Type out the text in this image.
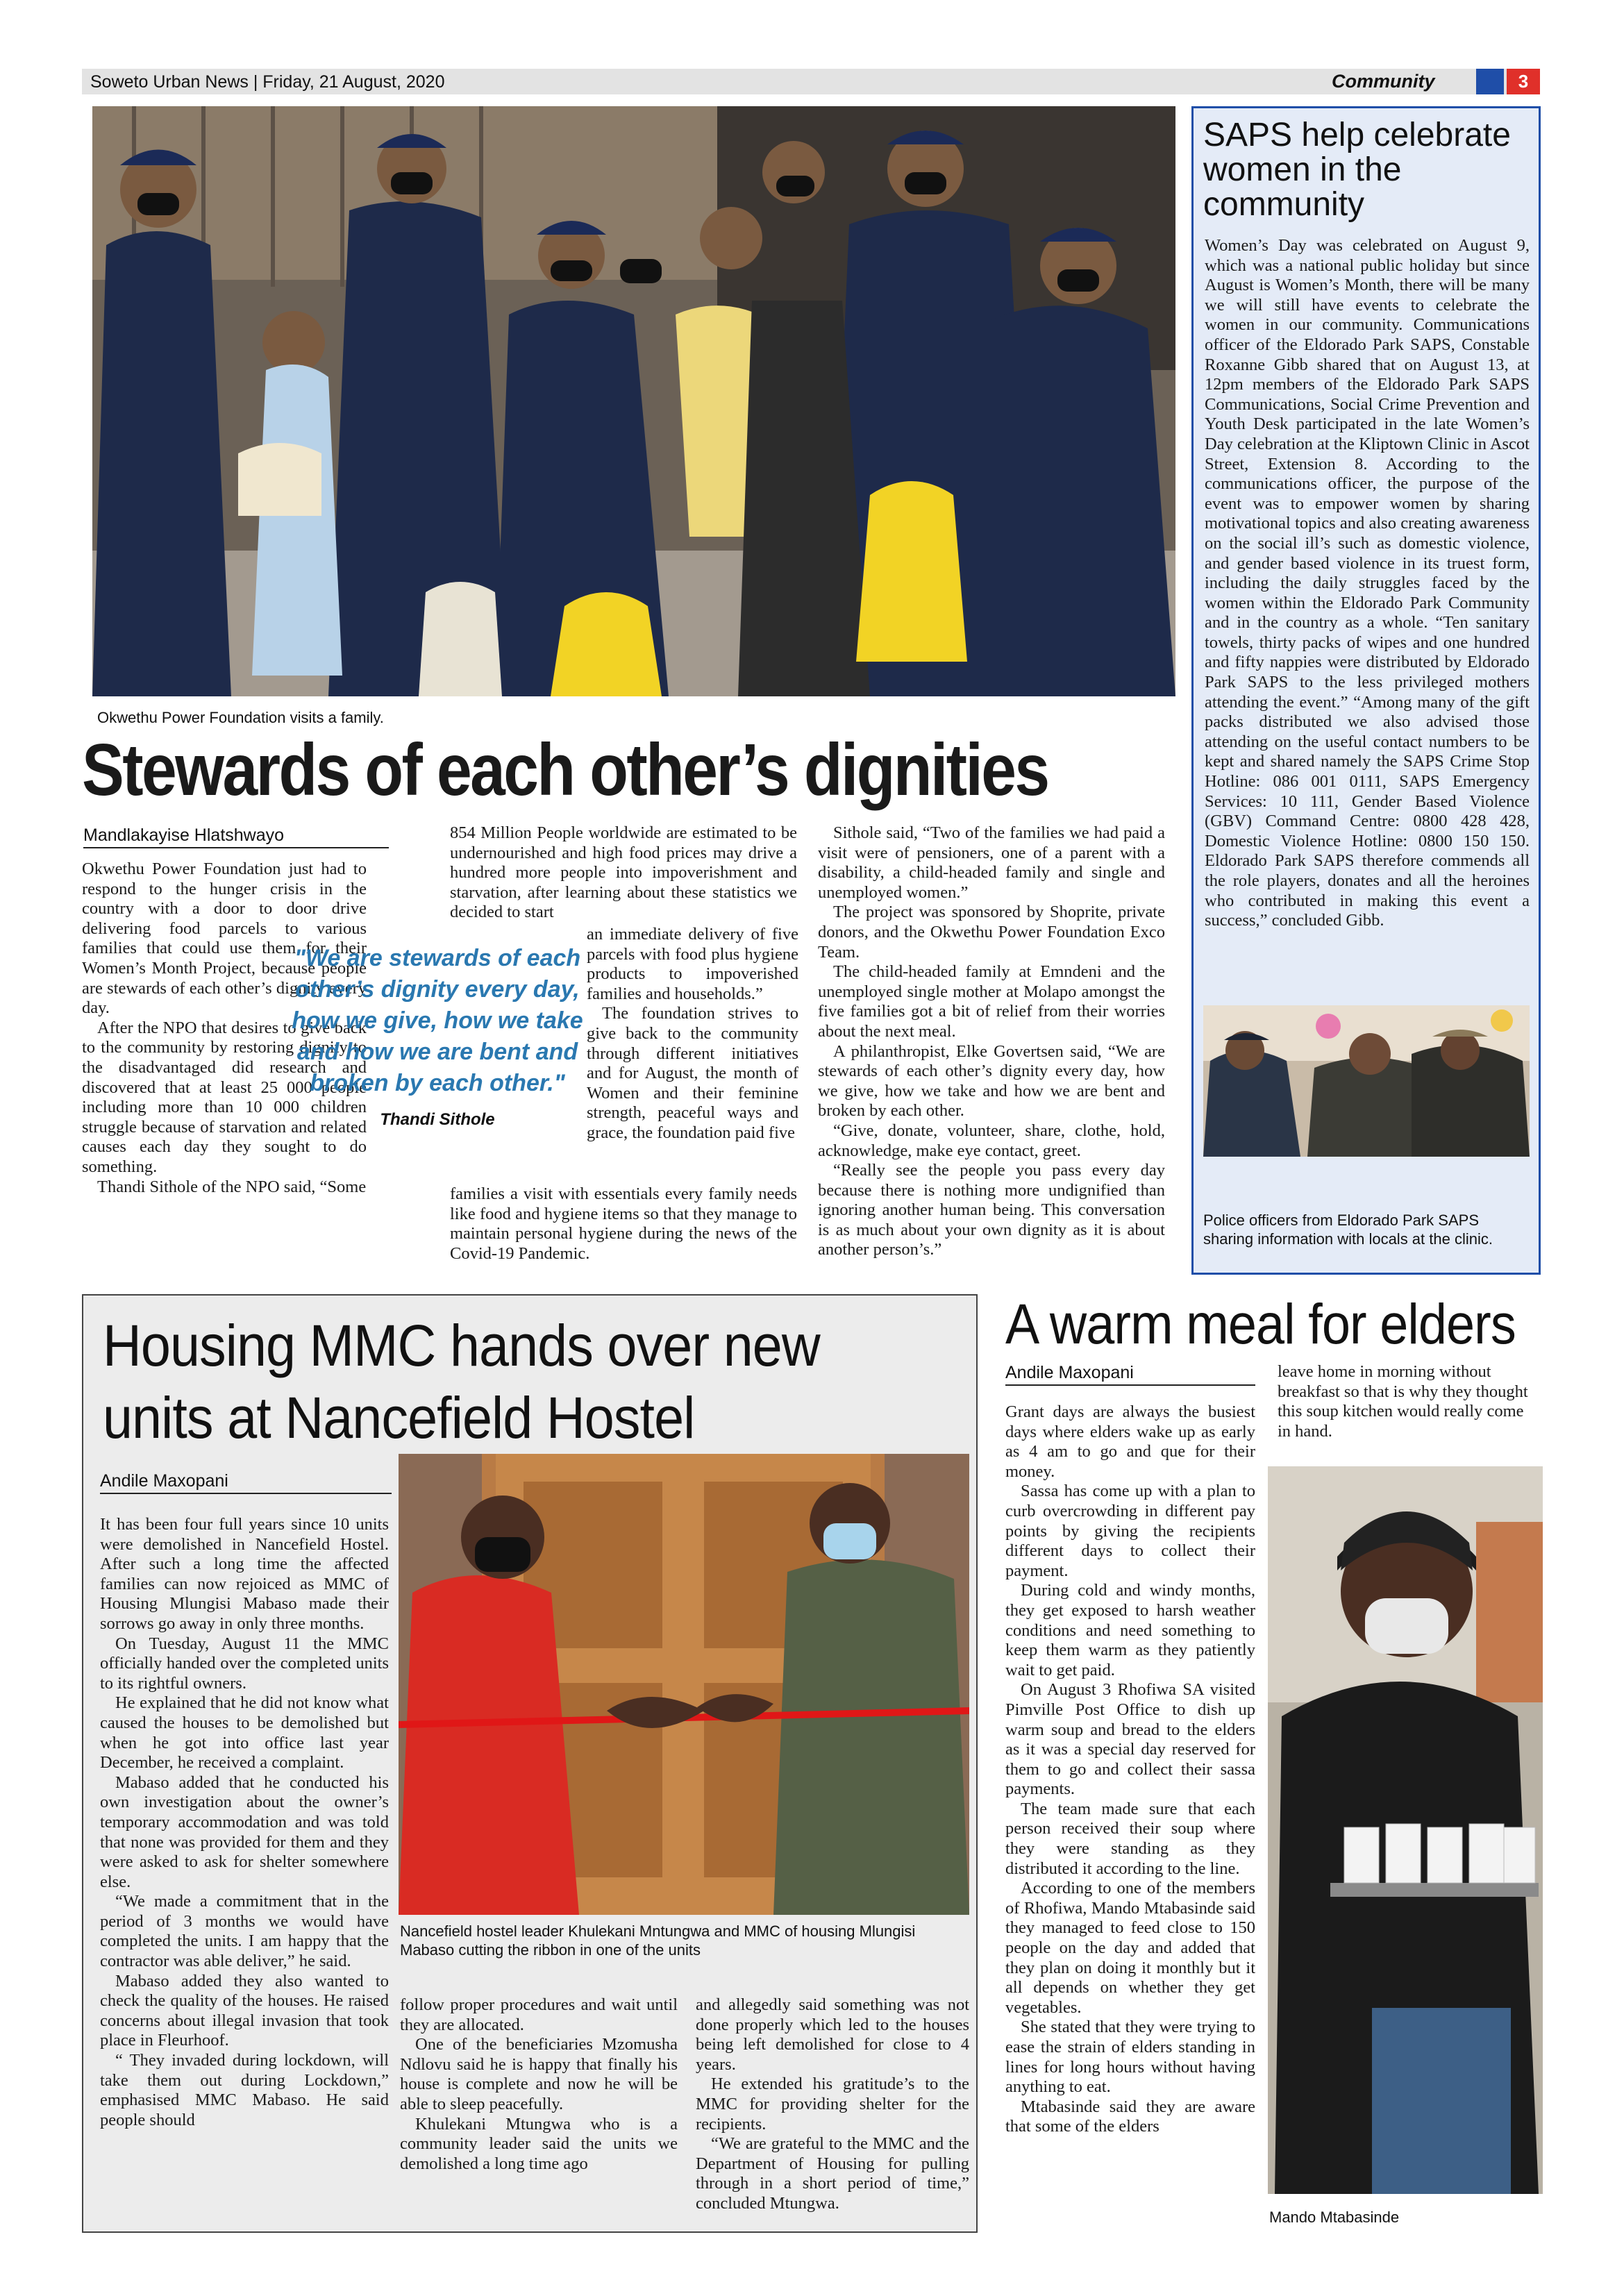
Soweto Urban News | Friday, 21 August, 2020	Community	3
Okwethu Power Foundation visits a family.
Stewards of each other’s dignities
Mandlakayise Hlatshwayo

Okwethu Power Foundation just had to respond to the hunger crisis in the country with a door to door drive delivering food parcels to various families that could use them for their Women’s Month Project, because people are stewards of each other’s dignity every day.

After the NPO that desires to give back to the community by restoring dignity to the disadvantaged did research and discovered that at least 25 000 people including more than 10 000 children struggle because of starvation and related causes each day they sought to do something.

Thandi Sithole of the NPO said, “Some

854 Million People worldwide are estimated to be undernourished and high food prices may drive a hundred more people into impoverishment and starvation, after learning about these statistics we decided to start

"We are stewards of each other’s dignity every day, how we give, how we take and how we are bent and broken by each other."
Thandi Sithole

an immediate delivery of five parcels with food plus hygiene products to impoverished families and households.”

The foundation strives to give back to the community through different initiatives and for August, the month of Women and their feminine strength, peaceful ways and grace, the foundation paid five

families a visit with essentials every family needs like food and hygiene items so that they manage to maintain personal hygiene during the news of the Covid-19 Pandemic.

Sithole said, “Two of the families we had paid a visit were of pensioners, one of a parent with a disability, a child-headed family and single and unemployed women.”

The project was sponsored by Shoprite, private donors, and the Okwethu Power Foundation Exco Team.

The child-headed family at Emndeni and the unemployed single mother at Molapo amongst the five families got a bit of relief from their worries about the next meal.

A philanthropist, Elke Govertsen said, “We are stewards of each other’s dignity every day, how we give, how we take and how we are bent and broken by each other.

“Give, donate, volunteer, share, clothe, hold, acknowledge, make eye contact, greet.

“Really see the people you pass every day because there is nothing more undignified than ignoring another human being. This conversation is as much about your own dignity as it is about another person’s.”

SAPS help celebrate
women in the community

Women’s Day was celebrated on August 9, which was a national public holiday but since August is Women’s Month, there will be many we will still have events to celebrate the women in our community. Communications officer of the Eldorado Park SAPS, Constable Roxanne Gibb shared that on August 13, at 12pm members of the Eldorado Park SAPS Communications, Social Crime Prevention and Youth Desk participated in the late Women’s Day celebration at the Kliptown Clinic in Ascot Street, Extension 8. According to the communications officer, the purpose of the event was to empower women by sharing motivational topics and also creating awareness on the social ill’s such as domestic violence, and gender based violence in its truest form, including the daily struggles faced by the women within the Eldorado Park Community and in the country as a whole. “Ten sanitary towels, thirty packs of wipes and one hundred and fifty nappies were distributed by Eldorado Park SAPS to the less privileged mothers attending the event.” “Among many of the gift packs distributed we also advised those attending on the useful contact numbers to be kept and shared namely the SAPS Crime Stop Hotline: 086 001 0111, SAPS Emergency Services: 10 111, Gender Based Violence (GBV) Command Centre: 0800 428 428, Domestic Violence Hotline: 0800 150 150. Eldorado Park SAPS therefore commends all the role players, donates and all the heroines who contributed in making this event a success,” concluded Gibb.

Police officers from Eldorado Park SAPS sharing information with locals at the clinic.
Housing MMC hands over new
units at Nancefield Hostel
Andile Maxopani

It has been four full years since 10 units were demolished in Nancefield Hostel. After such a long time the affected families can now rejoiced as MMC of Housing Mlungisi Mabaso made their sorrows go away in only three months.

On Tuesday, August 11 the MMC officially handed over the completed units to its rightful owners.

He explained that he did not know what caused the houses to be demolished but when he got into office last year December, he received a complaint.

Mabaso added that he conducted his own investigation about the owner’s temporary accommodation and was told that none was provided for them and they were asked to ask for shelter somewhere else.

“We made a commitment that in the period of 3 months we would have completed the units. I am happy that the contractor was able deliver,” he said.

Mabaso added they also wanted to check the quality of the houses. He raised concerns about illegal invasion that took place in Fleurhoof.

“ They invaded during lockdown, will take them out during Lockdown,” emphasised MMC Mabaso. He said people should

Nancefield hostel leader Khulekani Mntungwa and MMC of housing Mlungisi Mabaso cutting the ribbon in one of the units

follow proper procedures and wait until they are allocated.

One of the beneficiaries Mzomusha Ndlovu said he is happy that finally his house is complete and now he will be able to sleep peacefully.

Khulekani Mtungwa who is a community leader said the units we demolished a long time ago

and allegedly said something was not done properly which led to the houses being left demolished for close to 4 years.

He extended his gratitude’s to the MMC for providing shelter for the recipients.

“We are grateful to the MMC and the Department of Housing for pulling through in a short period of time,” concluded Mtungwa.

A warm meal for elders
Andile Maxopani

Grant days are always the busiest days where elders wake up as early as 4 am to go and que for their money.

Sassa has come up with a plan to curb overcrowding in different pay points by giving the recipients different days to collect their payment.

During cold and windy months, they get exposed to harsh weather conditions and need something to keep them warm as they patiently wait to get paid.

On August 3 Rhofiwa SA visited Pimville Post Office to dish up warm soup and bread to the elders as it was a special day reserved for them to go and collect their sassa payments.

The team made sure that each person received their soup where they were standing as they distributed it according to the line.

According to one of the members of Rhofiwa, Mando Mtabasinde said they managed to feed close to 150 people on the day and added that they plan on doing it monthly but it all depends on whether they get vegetables.

She stated that they were trying to ease the strain of elders standing in lines for long hours without having anything to eat.

Mtabasinde said they are aware that some of the elders

leave home in morning without breakfast so that is why they thought this soup kitchen would really come in hand.

Mando Mtabasinde
